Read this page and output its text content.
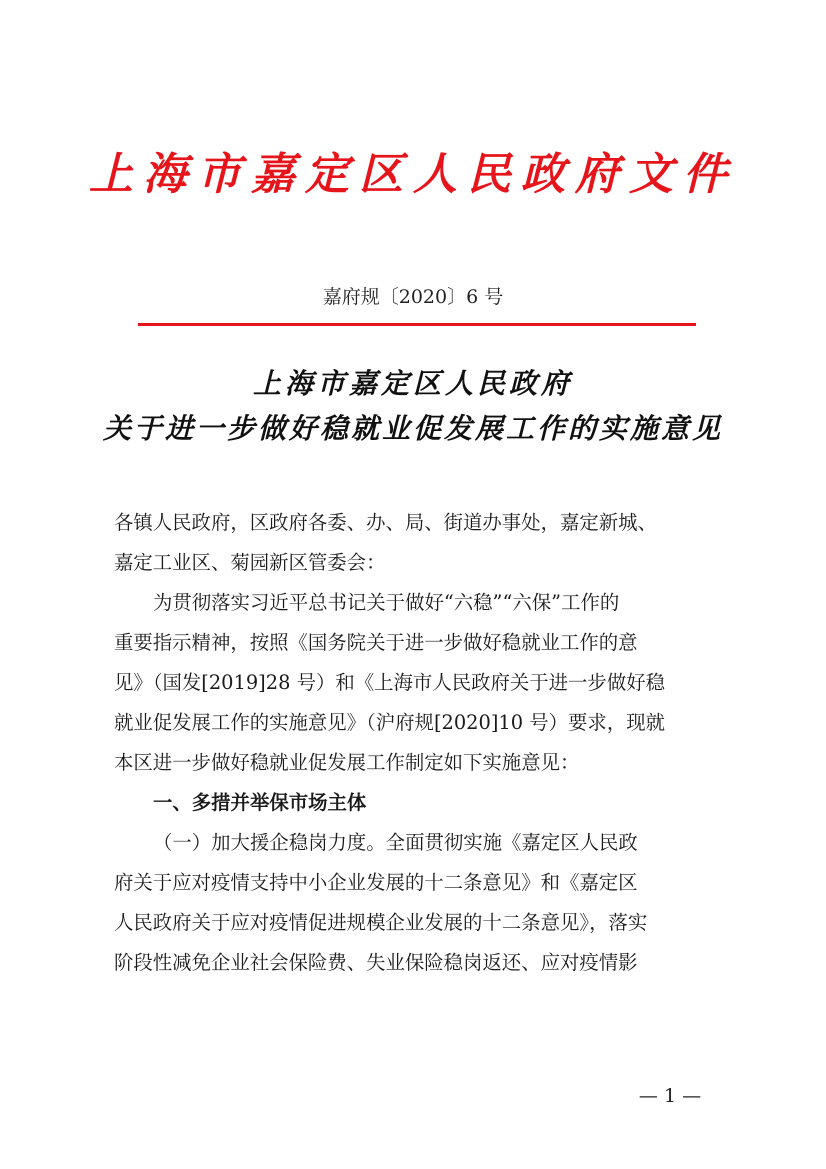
上海市嘉定区人民政府文件
嘉府规〔2020〕6 号
上海市嘉定区人民政府
关于进一步做好稳就业促发展工作的实施意见
各镇人民政府，区政府各委、办、局、街道办事处，嘉定新城、
嘉定工业区、菊园新区管委会：
为贯彻落实习近平总书记关于做好“六稳”“六保”工作的
重要指示精神，按照《国务院关于进一步做好稳就业工作的意
见》（国发[2019]28 号）和《上海市人民政府关于进一步做好稳
就业促发展工作的实施意见》（沪府规[2020]10 号）要求，现就
本区进一步做好稳就业促发展工作制定如下实施意见：
一、多措并举保市场主体
（一）加大援企稳岗力度。全面贯彻实施《嘉定区人民政
府关于应对疫情支持中小企业发展的十二条意见》和《嘉定区
人民政府关于应对疫情促进规模企业发展的十二条意见》，落实
阶段性减免企业社会保险费、失业保险稳岗返还、应对疫情影
— 1 —
